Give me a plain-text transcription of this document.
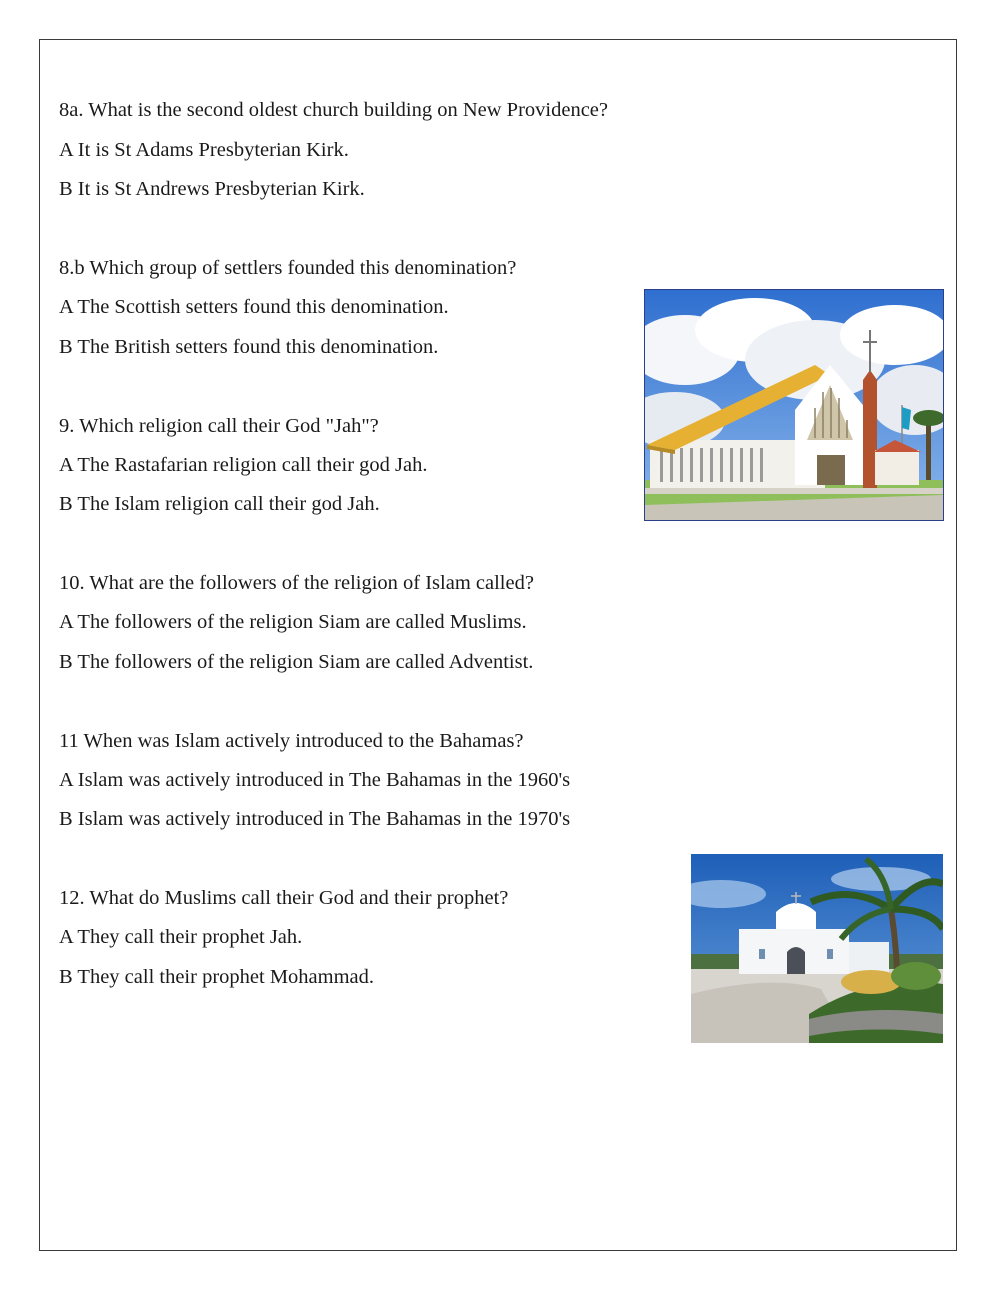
8a. What is the second oldest church building on New Providence?
A It is St Adams Presbyterian Kirk.
B It is St Andrews Presbyterian Kirk.
8.b Which group of settlers founded this denomination?
A The Scottish setters found this denomination.
B The British setters found this denomination.
9. Which religion call their God "Jah"?
A The Rastafarian religion call their god Jah.
B The Islam religion call their god Jah.
10. What are the followers of the religion of Islam called?
A The followers of the religion Siam are called Muslims.
B The followers of the religion Siam are called Adventist.
11 When was Islam actively introduced to the Bahamas?
A Islam was actively introduced in The Bahamas in the 1960's
B Islam was actively introduced in The Bahamas in the 1970's
12. What do Muslims call their God and their prophet?
A They call their prophet Jah.
B They call their prophet Mohammad.
